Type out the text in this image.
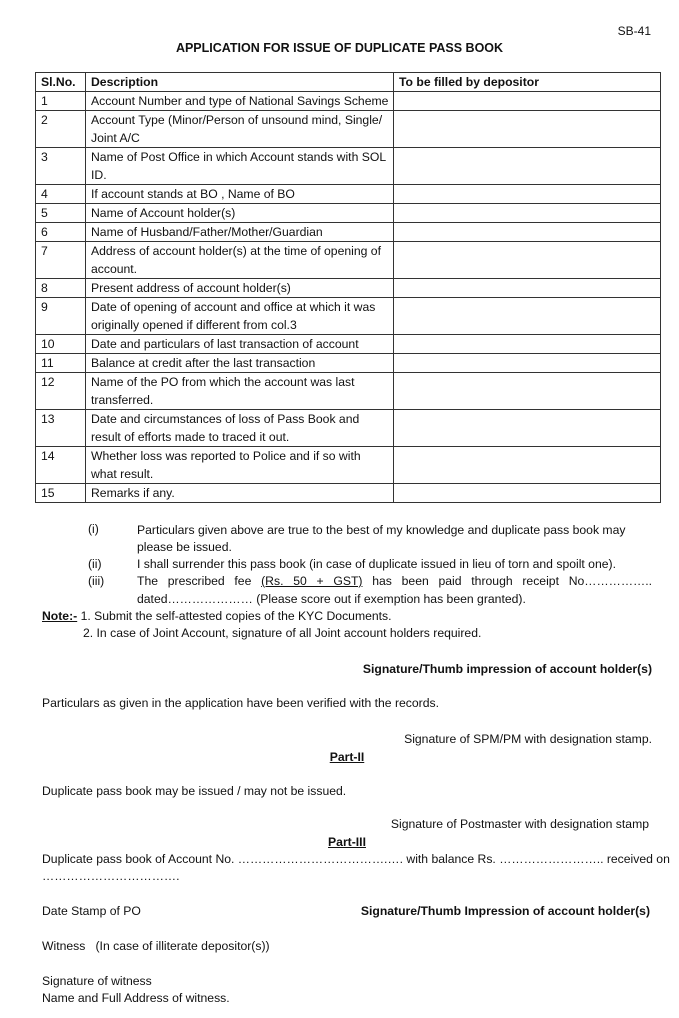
SB-41
APPLICATION FOR ISSUE OF DUPLICATE PASS BOOK
Sl.No.	Description	To be filled by depositor
1	Account Number and type of National Savings Scheme	
2	Account Type (Minor/Person of unsound mind, Single/ Joint A/C	
3	Name of Post Office in which Account stands with SOL ID.	
4	If account stands at BO , Name of BO	
5	Name of Account holder(s)	
6	Name of Husband/Father/Mother/Guardian	
7	Address of account holder(s) at the time of opening of account.	
8	Present address of account holder(s)	
9	Date of opening of account and office at which it was originally opened if different from col.3	
10	Date and particulars of last transaction of account	
11	Balance at credit after the last transaction	
12	Name of the PO from which the account was last transferred.	
13	Date and circumstances of loss of Pass Book and result of efforts made to traced it out.	
14	Whether loss was reported to Police and if so with what result.	
15	Remarks if any.	
(i)	Particulars given above are true to the best of my knowledge and duplicate pass book may please be issued.
(ii)	I shall surrender this pass book (in case of duplicate issued in lieu of torn and spoilt one).
(iii)	The prescribed fee (Rs. 50 + GST) has been paid through receipt No……………..
dated………………… (Please score out if exemption has been granted).
Note:- 1. Submit the self-attested copies of the KYC Documents.
2. In case of Joint Account, signature of all Joint account holders required.
Signature/Thumb impression of account holder(s)
Particulars as given in the application have been verified with the records.
Signature of SPM/PM with designation stamp.
Part-II
Duplicate pass book may be issued / may not be issued.
Signature of Postmaster with designation stamp
Part-III
Duplicate pass book of Account No. ……………………………….…. with balance Rs. …………………….. received on
…………………………….
Date Stamp of PO	Signature/Thumb Impression of account holder(s)
Witness   (In case of illiterate depositor(s))
Signature of witness
Name and Full Address of witness.
